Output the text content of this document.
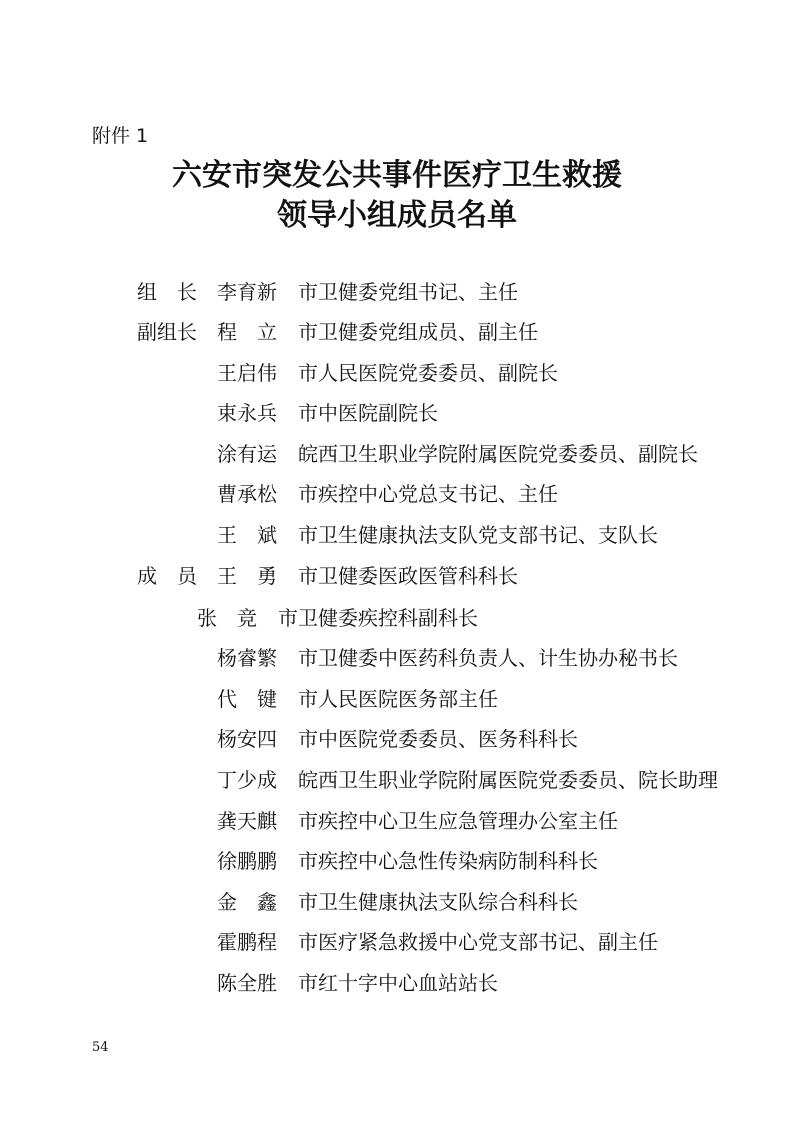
附件 1
六安市突发公共事件医疗卫生救援
领导小组成员名单
组　长 李育新 市卫健委党组书记、主任
副组长 程　立 市卫健委党组成员、副主任
王启伟 市人民医院党委委员、副院长
束永兵 市中医院副院长
涂有运 皖西卫生职业学院附属医院党委委员、副院长
曹承松 市疾控中心党总支书记、主任
王　斌 市卫生健康执法支队党支部书记、支队长
成　员 王　勇 市卫健委医政医管科科长
张　竞 市卫健委疾控科副科长
杨睿繁 市卫健委中医药科负责人、计生协办秘书长
代　键 市人民医院医务部主任
杨安四 市中医院党委委员、医务科科长
丁少成 皖西卫生职业学院附属医院党委委员、院长助理
龚天麒 市疾控中心卫生应急管理办公室主任
徐鹏鹏 市疾控中心急性传染病防制科科长
金　鑫 市卫生健康执法支队综合科科长
霍鹏程 市医疗紧急救援中心党支部书记、副主任
陈全胜 市红十字中心血站站长
54
